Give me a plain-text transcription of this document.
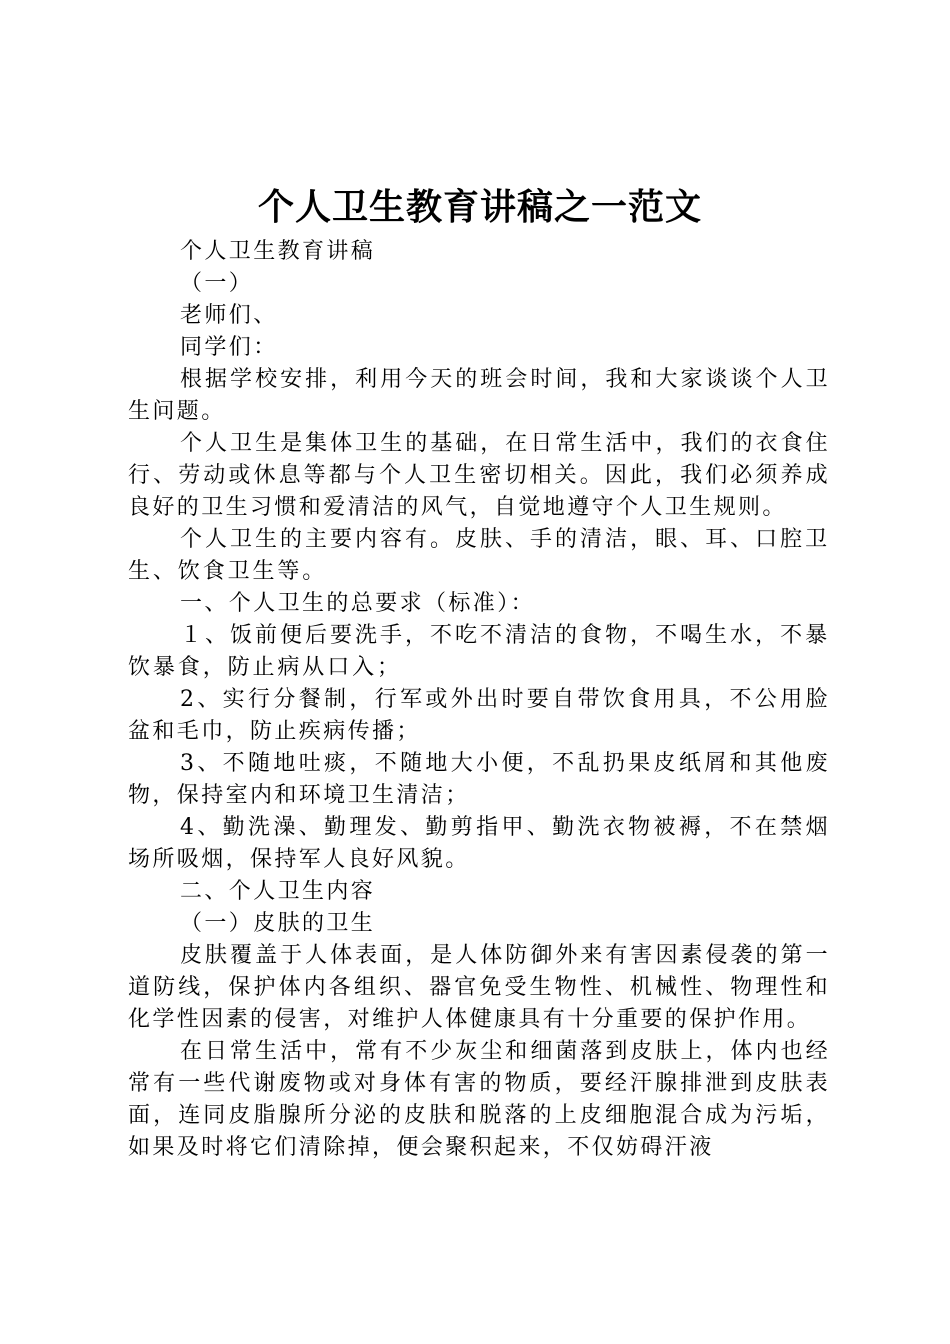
个人卫生教育讲稿之一范文

个人卫生教育讲稿

（一）

老师们、

同学们：

根据学校安排，利用今天的班会时间，我和大家谈谈个人卫生问题。

个人卫生是集体卫生的基础，在日常生活中，我们的衣食住行、劳动或休息等都与个人卫生密切相关。因此，我们必须养成良好的卫生习惯和爱清洁的风气，自觉地遵守个人卫生规则。

个人卫生的主要内容有。皮肤、手的清洁，眼、耳、口腔卫生、饮食卫生等。

一、个人卫生的总要求（标准）：

１、饭前便后要洗手，不吃不清洁的食物，不喝生水，不暴饮暴食，防止病从口入；

2、实行分餐制，行军或外出时要自带饮食用具，不公用脸盆和毛巾，防止疾病传播；

3、不随地吐痰，不随地大小便，不乱扔果皮纸屑和其他废物，保持室内和环境卫生清洁；

4、勤洗澡、勤理发、勤剪指甲、勤洗衣物被褥，不在禁烟场所吸烟，保持军人良好风貌。

二、个人卫生内容

（一）皮肤的卫生

皮肤覆盖于人体表面，是人体防御外来有害因素侵袭的第一道防线，保护体内各组织、器官免受生物性、机械性、物理性和化学性因素的侵害，对维护人体健康具有十分重要的保护作用。

在日常生活中，常有不少灰尘和细菌落到皮肤上，体内也经常有一些代谢废物或对身体有害的物质，要经汗腺排泄到皮肤表面，连同皮脂腺所分泌的皮肤和脱落的上皮细胞混合成为污垢，如果及时将它们清除掉，便会聚积起来，不仅妨碍汗液
